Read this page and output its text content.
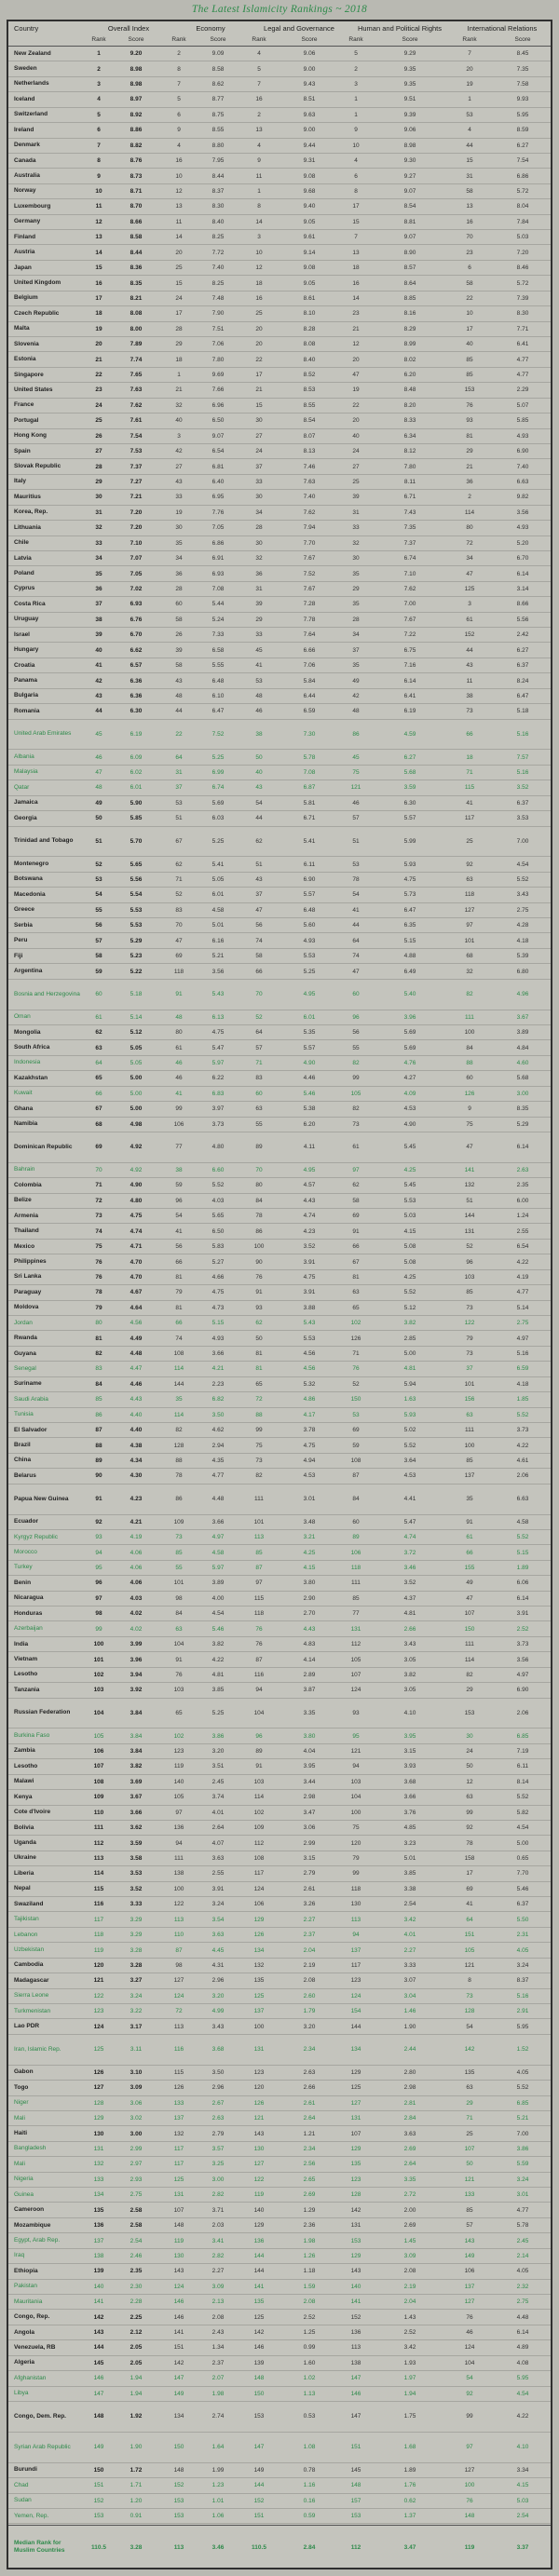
The Latest Islamicity Rankings ~ 2018
Country	Overall Index	Economy	Legal and Governance	Human and Political Rights	International Relations
Rank	Score	Rank	Score	Rank	Score	Rank	Score	Rank	Score
New Zealand	1	9.20	2	9.09	4	9.06	5	9.29	7	8.45
Sweden	2	8.98	8	8.58	5	9.00	2	9.35	20	7.35
Netherlands	3	8.98	7	8.62	7	9.43	3	9.35	19	7.58
Iceland	4	8.97	5	8.77	16	8.51	1	9.51	1	9.93
Switzerland	5	8.92	6	8.75	2	9.63	1	9.39	53	5.95
Ireland	6	8.86	9	8.55	13	9.00	9	9.06	4	8.59
Denmark	7	8.82	4	8.80	4	9.44	10	8.98	44	6.27
Canada	8	8.76	16	7.95	9	9.31	4	9.30	15	7.54
Australia	9	8.73	10	8.44	11	9.08	6	9.27	31	6.86
Norway	10	8.71	12	8.37	1	9.68	8	9.07	58	5.72
Luxembourg	11	8.70	13	8.30	8	9.40	17	8.54	13	8.04
Germany	12	8.66	11	8.40	14	9.05	15	8.81	16	7.84
Finland	13	8.58	14	8.25	3	9.61	7	9.07	70	5.03
Austria	14	8.44	20	7.72	10	9.14	13	8.90	23	7.20
Japan	15	8.36	25	7.40	12	9.08	18	8.57	6	8.46
United Kingdom	16	8.35	15	8.25	18	9.05	16	8.64	58	5.72
Belgium	17	8.21	24	7.48	16	8.61	14	8.85	22	7.39
Czech Republic	18	8.08	17	7.90	25	8.10	23	8.16	10	8.30
Malta	19	8.00	28	7.51	20	8.28	21	8.29	17	7.71
Slovenia	20	7.89	29	7.06	20	8.08	12	8.99	40	6.41
Estonia	21	7.74	18	7.80	22	8.40	20	8.02	85	4.77
Singapore	22	7.65	1	9.69	17	8.52	47	6.20	85	4.77
United States	23	7.63	21	7.66	21	8.53	19	8.48	153	2.29
France	24	7.62	32	6.96	15	8.55	22	8.20	76	5.07
Portugal	25	7.61	40	6.50	30	8.54	20	8.33	93	5.85
Hong Kong	26	7.54	3	9.07	27	8.07	40	6.34	81	4.93
Spain	27	7.53	42	6.54	24	8.13	24	8.12	29	6.90
Slovak Republic	28	7.37	27	6.81	37	7.46	27	7.80	21	7.40
Italy	29	7.27	43	6.40	33	7.63	25	8.11	36	6.63
Mauritius	30	7.21	33	6.95	30	7.40	39	6.71	2	9.82
Korea, Rep.	31	7.20	19	7.76	34	7.62	31	7.43	114	3.56
Lithuania	32	7.20	30	7.05	28	7.94	33	7.35	80	4.93
Chile	33	7.10	35	6.86	30	7.70	32	7.37	72	5.20
Latvia	34	7.07	34	6.91	32	7.67	30	6.74	34	6.70
Poland	35	7.05	36	6.93	36	7.52	35	7.10	47	6.14
Cyprus	36	7.02	28	7.08	31	7.67	29	7.62	125	3.14
Costa Rica	37	6.93	60	5.44	39	7.28	35	7.00	3	8.66
Uruguay	38	6.76	58	5.24	29	7.78	28	7.67	61	5.56
Israel	39	6.70	26	7.33	33	7.64	34	7.22	152	2.42
Hungary	40	6.62	39	6.58	45	6.66	37	6.75	44	6.27
Croatia	41	6.57	58	5.55	41	7.06	35	7.16	43	6.37
Panama	42	6.36	43	6.48	53	5.84	49	6.14	11	8.24
Bulgaria	43	6.36	48	6.10	48	6.44	42	6.41	38	6.47
Romania	44	6.30	44	6.47	46	6.59	48	6.19	73	5.18
United Arab Emirates	45	6.19	22	7.52	38	7.30	86	4.59	66	5.16
Albania	46	6.09	64	5.25	50	5.78	45	6.27	18	7.57
Malaysia	47	6.02	31	6.99	40	7.08	75	5.68	71	5.16
Qatar	48	6.01	37	6.74	43	6.87	121	3.59	115	3.52
Jamaica	49	5.90	53	5.69	54	5.81	46	6.30	41	6.37
Georgia	50	5.85	51	6.03	44	6.71	57	5.57	117	3.53
Trinidad and Tobago	51	5.70	67	5.25	62	5.41	51	5.99	25	7.00
Montenegro	52	5.65	62	5.41	51	6.11	53	5.93	92	4.54
Botswana	53	5.56	71	5.05	43	6.90	78	4.75	63	5.52
Macedonia	54	5.54	52	6.01	37	5.57	54	5.73	118	3.43
Greece	55	5.53	83	4.58	47	6.48	41	6.47	127	2.75
Serbia	56	5.53	70	5.01	56	5.60	44	6.35	97	4.28
Peru	57	5.29	47	6.16	74	4.93	64	5.15	101	4.18
Fiji	58	5.23	69	5.21	58	5.53	74	4.88	68	5.39
Argentina	59	5.22	118	3.56	66	5.25	47	6.49	32	6.80
Bosnia and Herzegovina	60	5.18	91	5.43	70	4.95	60	5.40	82	4.96
Oman	61	5.14	48	6.13	52	6.01	96	3.96	111	3.67
Mongolia	62	5.12	80	4.75	64	5.35	56	5.69	100	3.89
South Africa	63	5.05	61	5.47	57	5.57	55	5.69	84	4.84
Indonesia	64	5.05	46	5.97	71	4.90	82	4.76	88	4.60
Kazakhstan	65	5.00	46	6.22	83	4.46	99	4.27	60	5.68
Kuwait	66	5.00	41	6.83	60	5.46	105	4.09	126	3.00
Ghana	67	5.00	99	3.97	63	5.38	82	4.53	9	8.35
Namibia	68	4.98	106	3.73	55	6.20	73	4.90	75	5.29
Dominican Republic	69	4.92	77	4.80	89	4.11	61	5.45	47	6.14
Bahrain	70	4.92	38	6.60	70	4.95	97	4.25	141	2.63
Colombia	71	4.90	59	5.52	80	4.57	62	5.45	132	2.35
Belize	72	4.80	96	4.03	84	4.43	58	5.53	51	6.00
Armenia	73	4.75	54	5.65	78	4.74	69	5.03	144	1.24
Thailand	74	4.74	41	6.50	86	4.23	91	4.15	131	2.55
Mexico	75	4.71	56	5.83	100	3.52	66	5.08	52	6.54
Philippines	76	4.70	66	5.27	90	3.91	67	5.08	96	4.22
Sri Lanka	76	4.70	81	4.66	76	4.75	81	4.25	103	4.19
Paraguay	78	4.67	79	4.75	91	3.91	63	5.52	85	4.77
Moldova	79	4.64	81	4.73	93	3.88	65	5.12	73	5.14
Jordan	80	4.56	66	5.15	62	5.43	102	3.82	122	2.75
Rwanda	81	4.49	74	4.93	50	5.53	126	2.85	79	4.97
Guyana	82	4.48	108	3.66	81	4.56	71	5.00	73	5.16
Senegal	83	4.47	114	4.21	81	4.56	76	4.81	37	6.59
Suriname	84	4.46	144	2.23	65	5.32	52	5.94	101	4.18
Saudi Arabia	85	4.43	35	6.82	72	4.86	150	1.63	156	1.85
Tunisia	86	4.40	114	3.50	88	4.17	53	5.93	63	5.52
El Salvador	87	4.40	82	4.62	99	3.78	69	5.02	111	3.73
Brazil	88	4.38	128	2.94	75	4.75	59	5.52	100	4.22
China	89	4.34	88	4.35	73	4.94	108	3.64	85	4.61
Belarus	90	4.30	78	4.77	82	4.53	87	4.53	137	2.06
Papua New Guinea	91	4.23	86	4.48	111	3.01	84	4.41	35	6.63
Ecuador	92	4.21	109	3.66	101	3.48	60	5.47	91	4.58
Kyrgyz Republic	93	4.19	73	4.97	113	3.21	89	4.74	61	5.52
Morocco	94	4.06	85	4.58	85	4.25	106	3.72	66	5.15
Turkey	95	4.06	55	5.97	87	4.15	118	3.46	155	1.89
Benin	96	4.06	101	3.89	97	3.80	111	3.52	49	6.06
Nicaragua	97	4.03	98	4.00	115	2.90	85	4.37	47	6.14
Honduras	98	4.02	84	4.54	118	2.70	77	4.81	107	3.91
Azerbaijan	99	4.02	63	5.46	76	4.43	131	2.66	150	2.52
India	100	3.99	104	3.82	76	4.83	112	3.43	111	3.73
Vietnam	101	3.96	91	4.22	87	4.14	105	3.05	114	3.56
Lesotho	102	3.94	76	4.81	116	2.89	107	3.82	82	4.97
Tanzania	103	3.92	103	3.85	94	3.87	124	3.05	29	6.90
Russian Federation	104	3.84	65	5.25	104	3.35	93	4.10	153	2.06
Burkina Faso	105	3.84	102	3.86	96	3.80	95	3.95	30	6.85
Zambia	106	3.84	123	3.20	89	4.04	121	3.15	24	7.19
Lesotho	107	3.82	119	3.51	91	3.95	94	3.93	50	6.11
Malawi	108	3.69	140	2.45	103	3.44	103	3.68	12	8.14
Kenya	109	3.67	105	3.74	114	2.98	104	3.66	63	5.52
Cote d'Ivoire	110	3.66	97	4.01	102	3.47	100	3.76	99	5.82
Bolivia	111	3.62	136	2.64	109	3.06	75	4.85	92	4.54
Uganda	112	3.59	94	4.07	112	2.99	120	3.23	78	5.00
Ukraine	113	3.58	111	3.63	108	3.15	79	5.01	158	0.65
Liberia	114	3.53	138	2.55	117	2.79	99	3.85	17	7.70
Nepal	115	3.52	100	3.91	124	2.61	118	3.38	69	5.46
Swaziland	116	3.33	122	3.24	106	3.26	130	2.54	41	6.37
Tajikistan	117	3.29	113	3.54	129	2.27	113	3.42	64	5.50
Lebanon	118	3.29	110	3.63	126	2.37	94	4.01	151	2.31
Uzbekistan	119	3.28	87	4.45	134	2.04	137	2.27	105	4.05
Cambodia	120	3.28	98	4.31	132	2.19	117	3.33	121	3.24
Madagascar	121	3.27	127	2.96	135	2.08	123	3.07	8	8.37
Sierra Leone	122	3.24	124	3.20	125	2.60	124	3.04	73	5.16
Turkmenistan	123	3.22	72	4.99	137	1.79	154	1.46	128	2.91
Lao PDR	124	3.17	113	3.43	100	3.20	144	1.90	54	5.95
Iran, Islamic Rep.	125	3.11	116	3.68	131	2.34	134	2.44	142	1.52
Gabon	126	3.10	115	3.50	123	2.63	129	2.80	135	4.05
Togo	127	3.09	126	2.96	120	2.66	125	2.98	63	5.52
Niger	128	3.06	133	2.67	126	2.61	127	2.81	29	6.85
Mali	129	3.02	137	2.63	121	2.64	131	2.84	71	5.21
Haiti	130	3.00	132	2.79	143	1.21	107	3.63	25	7.00
Bangladesh	131	2.99	117	3.57	130	2.34	129	2.69	107	3.86
Mali	132	2.97	117	3.25	127	2.56	135	2.64	50	5.59
Nigeria	133	2.93	125	3.00	122	2.65	123	3.35	121	3.24
Guinea	134	2.75	131	2.82	119	2.69	128	2.72	133	3.01
Cameroon	135	2.58	107	3.71	140	1.29	142	2.00	85	4.77
Mozambique	136	2.58	148	2.03	129	2.36	131	2.69	57	5.78
Egypt, Arab Rep.	137	2.54	119	3.41	136	1.98	153	1.45	143	2.45
Iraq	138	2.46	130	2.82	144	1.26	129	3.09	149	2.14
Ethiopia	139	2.35	143	2.27	144	1.18	143	2.08	106	4.05
Pakistan	140	2.30	124	3.09	141	1.59	140	2.19	137	2.32
Mauritania	141	2.28	146	2.13	135	2.08	141	2.04	127	2.75
Congo, Rep.	142	2.25	146	2.08	125	2.52	152	1.43	76	4.48
Angola	143	2.12	141	2.43	142	1.25	136	2.52	46	6.14
Venezuela, RB	144	2.05	151	1.34	146	0.99	113	3.42	124	4.89
Algeria	145	2.05	142	2.37	139	1.60	138	1.93	104	4.08
Afghanistan	146	1.94	147	2.07	148	1.02	147	1.97	54	5.95
Libya	147	1.94	149	1.98	150	1.13	146	1.94	92	4.54
Congo, Dem. Rep.	148	1.92	134	2.74	153	0.53	147	1.75	99	4.22
Syrian Arab Republic	149	1.90	150	1.64	147	1.08	151	1.68	97	4.10
Burundi	150	1.72	148	1.99	149	0.78	145	1.89	127	3.34
Chad	151	1.71	152	1.23	144	1.16	148	1.76	100	4.15
Sudan	152	1.20	153	1.01	152	0.16	157	0.62	76	5.03
Yemen, Rep.	153	0.91	153	1.06	151	0.59	153	1.37	148	2.54
Median Rank for Muslim Countries	110.5	3.28	113	3.46	110.5	2.84	112	3.47	119	3.37
